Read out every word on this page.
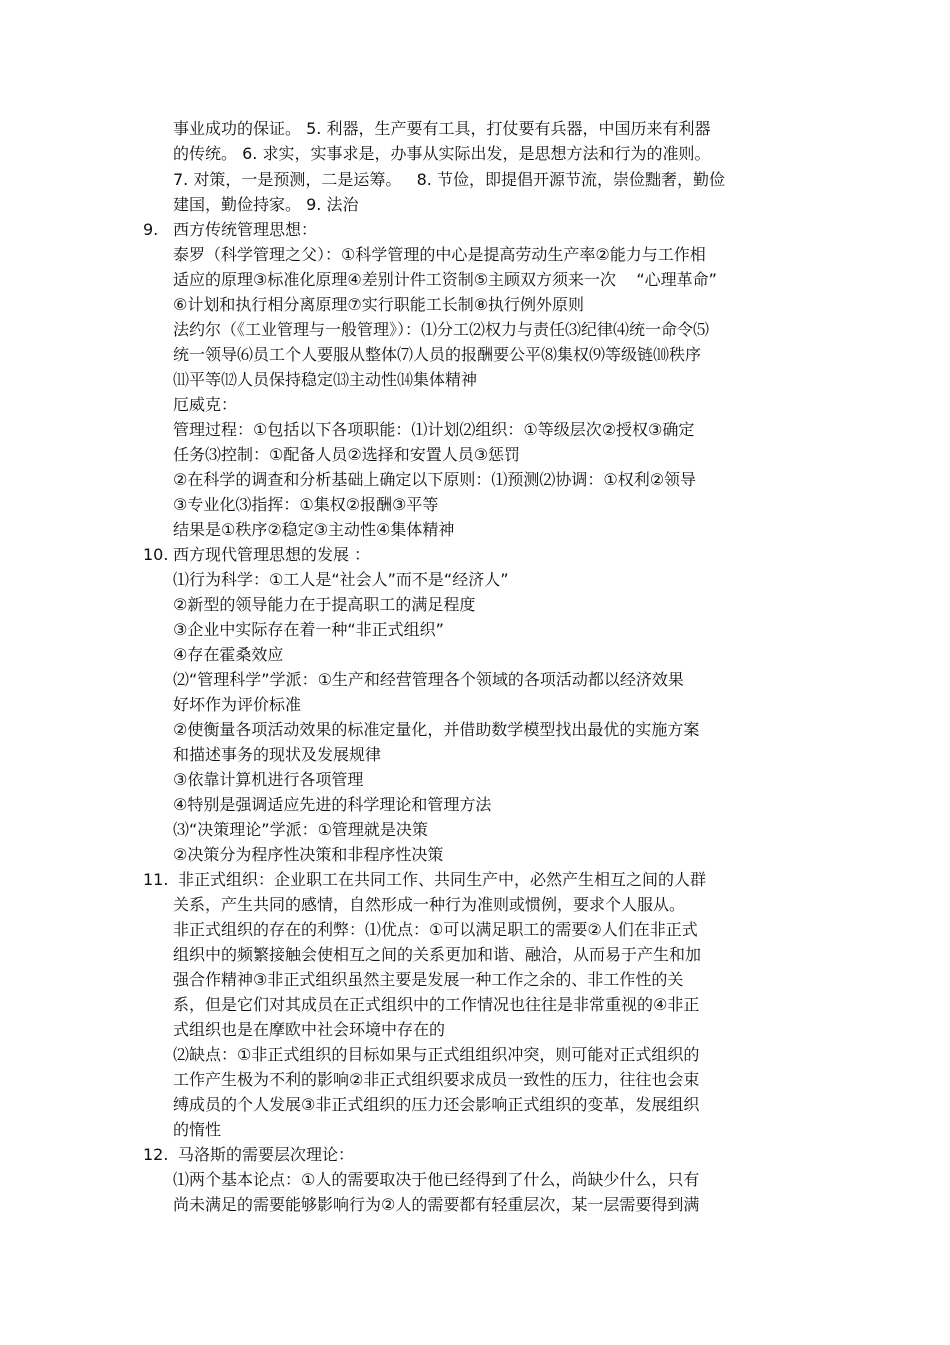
事业成功的保证。 5. 利器，生产要有工具，打仗要有兵器，中国历来有利器
的传统。 6. 求实，实事求是，办事从实际出发，是思想方法和行为的准则。
7. 对策，一是预测，二是运筹。   8. 节俭，即提倡开源节流，崇俭黜奢，勤俭
建国，勤俭持家。 9. 法治
9. 西方传统管理思想：
泰罗（科学管理之父）：①科学管理的中心是提高劳动生产率②能力与工作相
适应的原理③标准化原理④差别计件工资制⑤主顾双方须来一次    “心理革命”
⑥计划和执行相分离原理⑦实行职能工长制⑧执行例外原则
法约尔（《工业管理与一般管理》）：⑴分工⑵权力与责任⑶纪律⑷统一命令⑸
统一领导⑹员工个人要服从整体⑺人员的报酬要公平⑻集权⑼等级链⑽秩序
⑾平等⑿人员保持稳定⒀主动性⒁集体精神
厄威克：
管理过程：①包括以下各项职能：⑴计划⑵组织：①等级层次②授权③确定
任务⑶控制：①配备人员②选择和安置人员③惩罚
②在科学的调查和分析基础上确定以下原则：⑴预测⑵协调：①权利②领导
③专业化⑶指挥：①集权②报酬③平等
结果是①秩序②稳定③主动性④集体精神
10. 西方现代管理思想的发展 ：
⑴行为科学：①工人是“社会人”而不是“经济人”
②新型的领导能力在于提高职工的满足程度
③企业中实际存在着一种“非正式组织”
④存在霍桑效应
⑵“管理科学”学派：①生产和经营管理各个领域的各项活动都以经济效果
好坏作为评价标准
②使衡量各项活动效果的标准定量化，并借助数学模型找出最优的实施方案
和描述事务的现状及发展规律
③依靠计算机进行各项管理
④特别是强调适应先进的科学理论和管理方法
⑶“决策理论”学派：①管理就是决策
②决策分为程序性决策和非程序性决策
11. 非正式组织：企业职工在共同工作、共同生产中，必然产生相互之间的人群
关系，产生共同的感情，自然形成一种行为准则或惯例，要求个人服从。
非正式组织的存在的利弊：⑴优点：①可以满足职工的需要②人们在非正式
组织中的频繁接触会使相互之间的关系更加和谐、融洽，从而易于产生和加
强合作精神③非正式组织虽然主要是发展一种工作之余的、非工作性的关
系，但是它们对其成员在正式组织中的工作情况也往往是非常重视的④非正
式组织也是在摩欧中社会环境中存在的
⑵缺点：①非正式组织的目标如果与正式组组织冲突，则可能对正式组织的
工作产生极为不利的影响②非正式组织要求成员一致性的压力，往往也会束
缚成员的个人发展③非正式组织的压力还会影响正式组织的变革，发展组织
的惰性
12. 马洛斯的需要层次理论：
⑴两个基本论点：①人的需要取决于他已经得到了什么，尚缺少什么，只有
尚未满足的需要能够影响行为②人的需要都有轻重层次，某一层需要得到满
